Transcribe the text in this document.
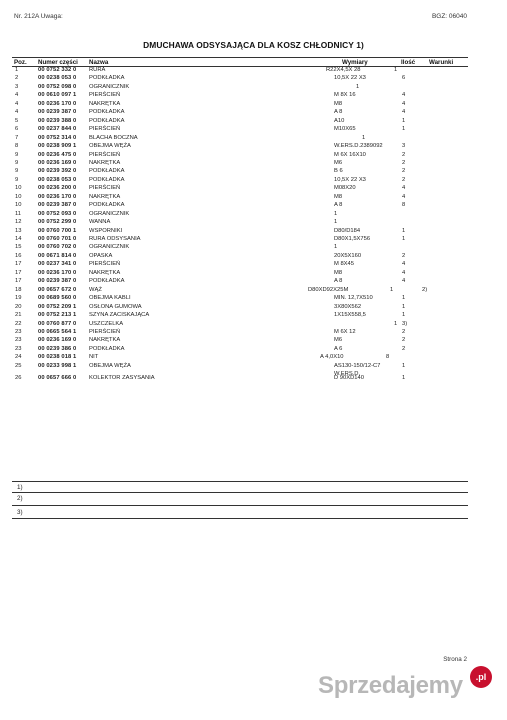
Nr. 212A Uwaga:	BGZ: 06040
DMUCHAWA ODSYSAJĄCA DLA KOSZ CHŁODNICY 1)
Poz. Numer części Nazwa	Wymiary	Ilość Warunki
1	00 0752 332 0 RURA	R22X4,5X 28	1
2	00 0238 053 0 PODKŁADKA	10,5X 22 X3	6
3	00 0752 098 0 OGRANICZNIK	1
4	00 0610 097 1 PIERŚCIEŃ	M 8X 16	4
4	00 0236 170 0 NAKRĘTKA	M8	4
4	00 0239 387 0 PODKŁADKA	A 8	4
5	00 0239 388 0 PODKŁADKA	A10	1
6	00 0237 844 0 PIERŚCIEŃ	M10X65	1
7	00 0752 314 0 BLACHA BOCZNA	1
8	00 0238 909 1 OBEJMA WĘŻA	W.ERS.D.2389092	3
9	00 0236 475 0 PIERŚCIEŃ	M 6X 16X10	2
9	00 0236 169 0 NAKRĘTKA	M6	2
9	00 0239 392 0 PODKŁADKA	B 6	2
9	00 0238 053 0 PODKŁADKA	10,5X 22 X3	2
10	00 0236 200 0 PIERŚCIEŃ	M08X20	4
10	00 0236 170 0 NAKRĘTKA	M8	4
10	00 0239 387 0 PODKŁADKA	A 8	8
11	00 0752 093 0 OGRANICZNIK	1
12	00 0752 299 0 WANNA	1
13	00 0760 700 1 WSPORNIKI	D80/D184	1
14	00 0760 701 0 RURA ODSYSANIA	D80X1,5X756	1
15	00 0760 702 0 OGRANICZNIK	1
16	00 0671 814 0 OPASKA	20X5X160	2
17	00 0237 341 0 PIERŚCIEŃ	M 8X45	4
17	00 0236 170 0 NAKRĘTKA	M8	4
17	00 0239 387 0 PODKŁADKA	A 8	4
18	00 0657 672 0 WĄŻ	D80XD92X25M	1	2)
19	00 0689 560 0 OBEJMA KABLI	MIN. 12,7X510	1
20	00 0752 209 1 OSŁONA GUMOWA	3X80X562	1
21	00 0752 213 1 SZYNA ZACISKAJĄCA	1X15X558,5	1
22	00 0760 877 0 USZCZELKA	1 3)
23	00 0665 564 1 PIERŚCIEŃ	M 6X 12	2
23	00 0236 169 0 NAKRĘTKA	M6	2
23	00 0239 386 0 PODKŁADKA	A 6	2
24	00 0238 018 1 NIT	A 4,0X10	8
25	00 0233 998 1 OBEJMA WĘŻA	AS130-150/12-C7	1
W.ERS.D.
26	00 0657 666 0 KOLEKTOR ZASYSANIA	D 90XD140	1
1)
2)
3)
Strona 2
Sprzedajemy	.pl
